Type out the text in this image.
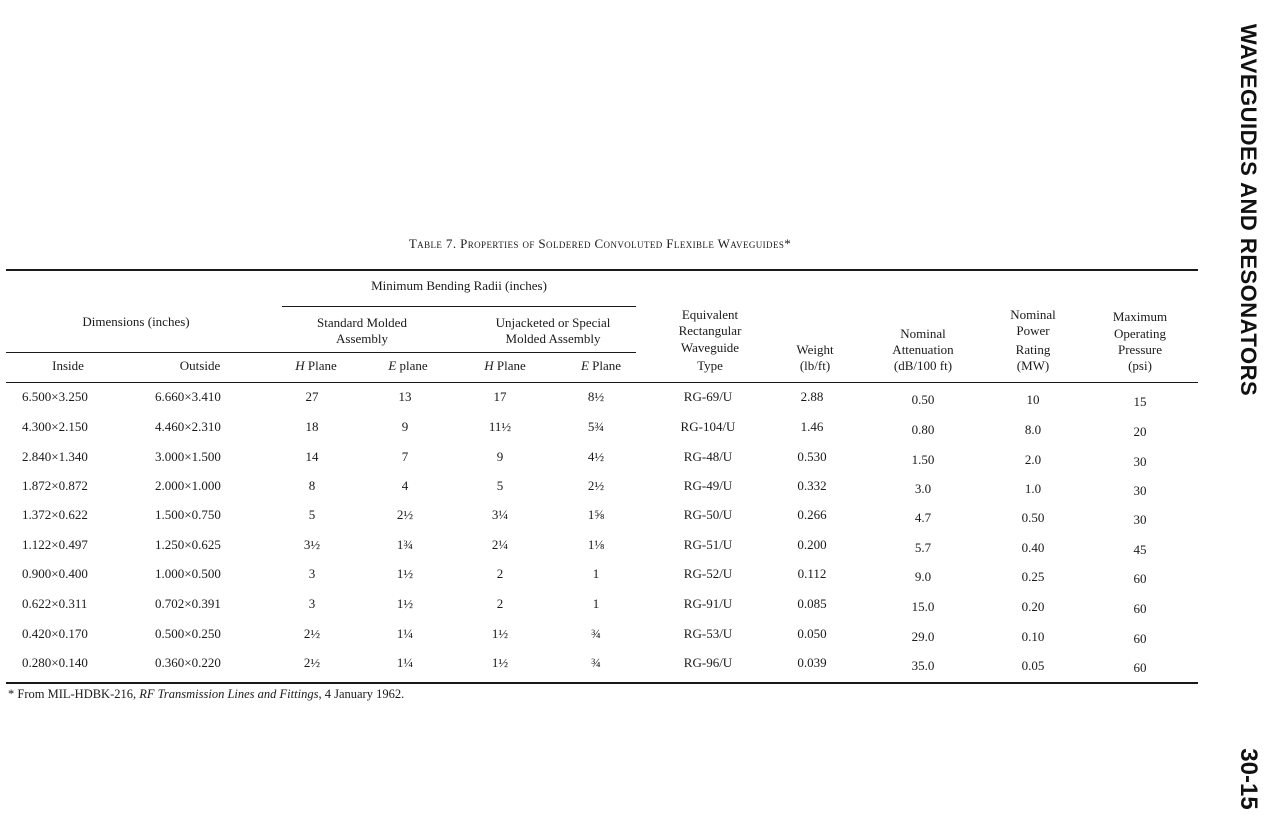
WAVEGUIDES AND RESONATORS
30-15
Table 7. Properties of Soldered Convoluted Flexible Waveguides*
Minimum Bending Radii (inches)
Dimensions (inches)	Standard Molded
Assembly
Unjacketed or Special
Molded Assembly
Inside	Outside	H Plane	E plane	H Plane	E Plane
Equivalent
Rectangular
Waveguide
Type
Weight
(lb/ft)
Nominal
Attenuation
(dB/100 ft)
Nominal
Power
Rating
(MW)
Maximum
Operating
Pressure
(psi)
6.500×3.250	6.660×3.410	27	13	17	8½	RG-69/U	2.88	0.50	10	15
4.300×2.150	4.460×2.310	18	9	11½	5¾	RG-104/U	1.46	0.80	8.0	20
2.840×1.340	3.000×1.500	14	7	9	4½	RG-48/U	0.530	1.50	2.0	30
1.872×0.872	2.000×1.000	8	4	5	2½	RG-49/U	0.332	3.0	1.0	30
1.372×0.622	1.500×0.750	5	2½	3¼	1⅝	RG-50/U	0.266	4.7	0.50	30
1.122×0.497	1.250×0.625	3½	1¾	2¼	1⅛	RG-51/U	0.200	5.7	0.40	45
0.900×0.400	1.000×0.500	3	1½	2	1	RG-52/U	0.112	9.0	0.25	60
0.622×0.311	0.702×0.391	3	1½	2	1	RG-91/U	0.085	15.0	0.20	60
0.420×0.170	0.500×0.250	2½	1¼	1½	¾	RG-53/U	0.050	29.0	0.10	60
0.280×0.140	0.360×0.220	2½	1¼	1½	¾	RG-96/U	0.039	35.0	0.05	60
* From MIL-HDBK-216, RF Transmission Lines and Fittings, 4 January 1962.
